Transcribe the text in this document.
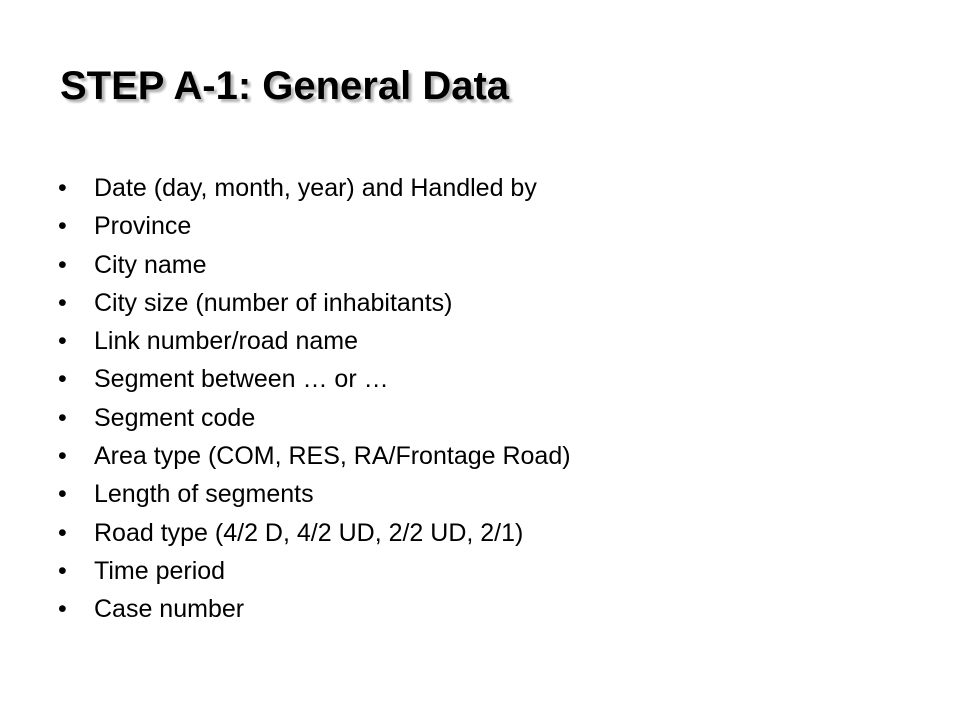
STEP A-1: General Data
•	Date (day, month, year) and Handled by
•	Province
•	City name
•	City size (number of inhabitants)
•	Link number/road name
•	Segment between … or …
•	Segment code
•	Area type (COM, RES, RA/Frontage Road)
•	Length of segments
•	Road type (4/2 D, 4/2 UD, 2/2 UD, 2/1)
•	Time period
•	Case number
